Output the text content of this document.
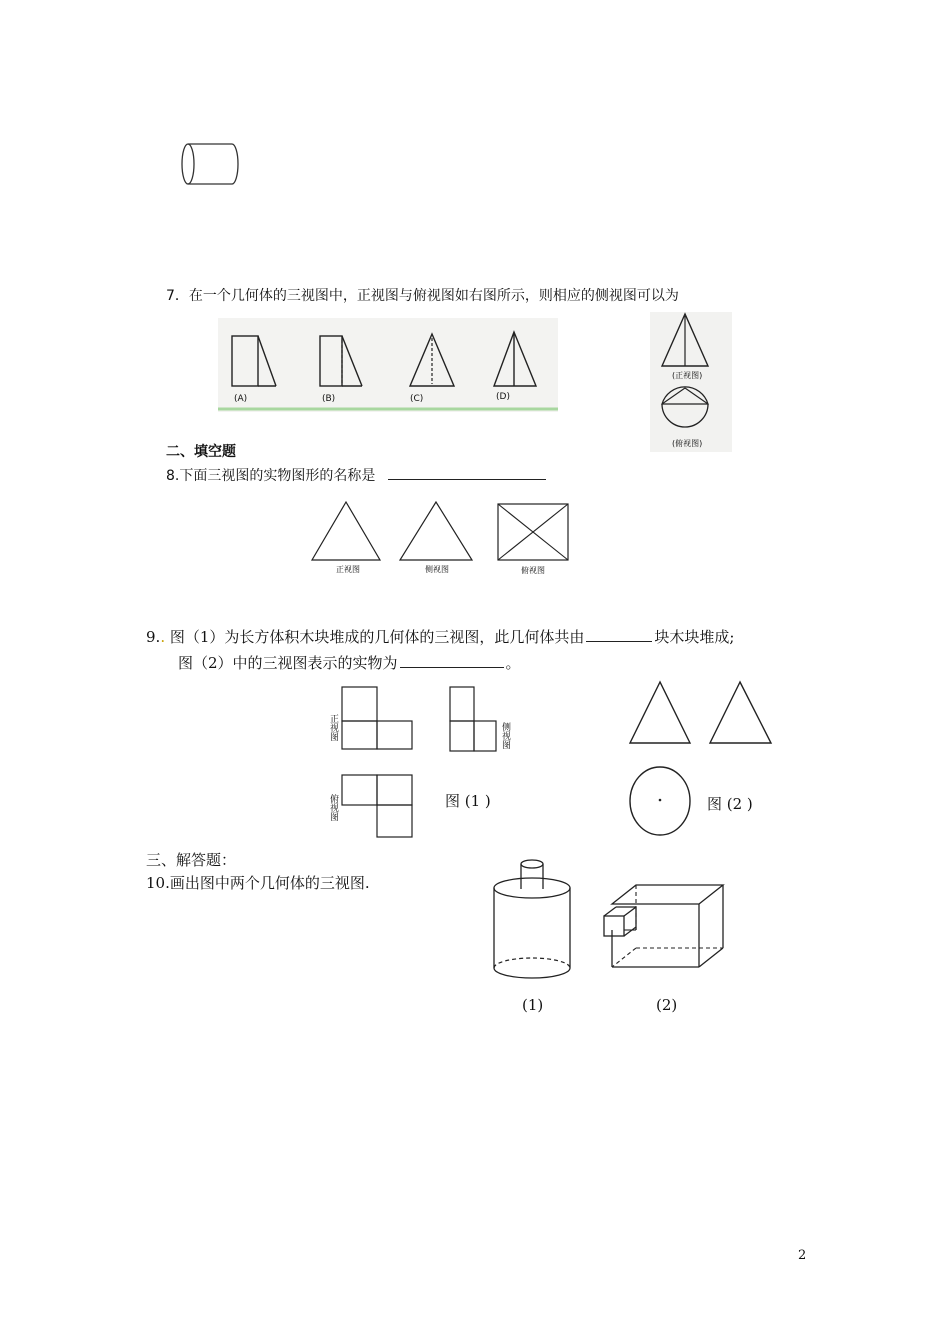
7．在一个几何体的三视图中，正视图与俯视图如右图所示，则相应的侧视图可以为
(A)	(B)	(C)	(D)
(正视图)
(俯视图)
二、填空题
8.下面三视图的实物图形的名称是
正视图	侧视图	俯视图
9.. 图（1）为长方体积木块堆成的几何体的三视图，此几何体共由	块木块堆成;
图（2）中的三视图表示的实物为	。
正视图	侧视图
俯视图	图 (1 )	图 (2 )
三、解答题：
10.画出图中两个几何体的三视图.
(1)	(2)
2
